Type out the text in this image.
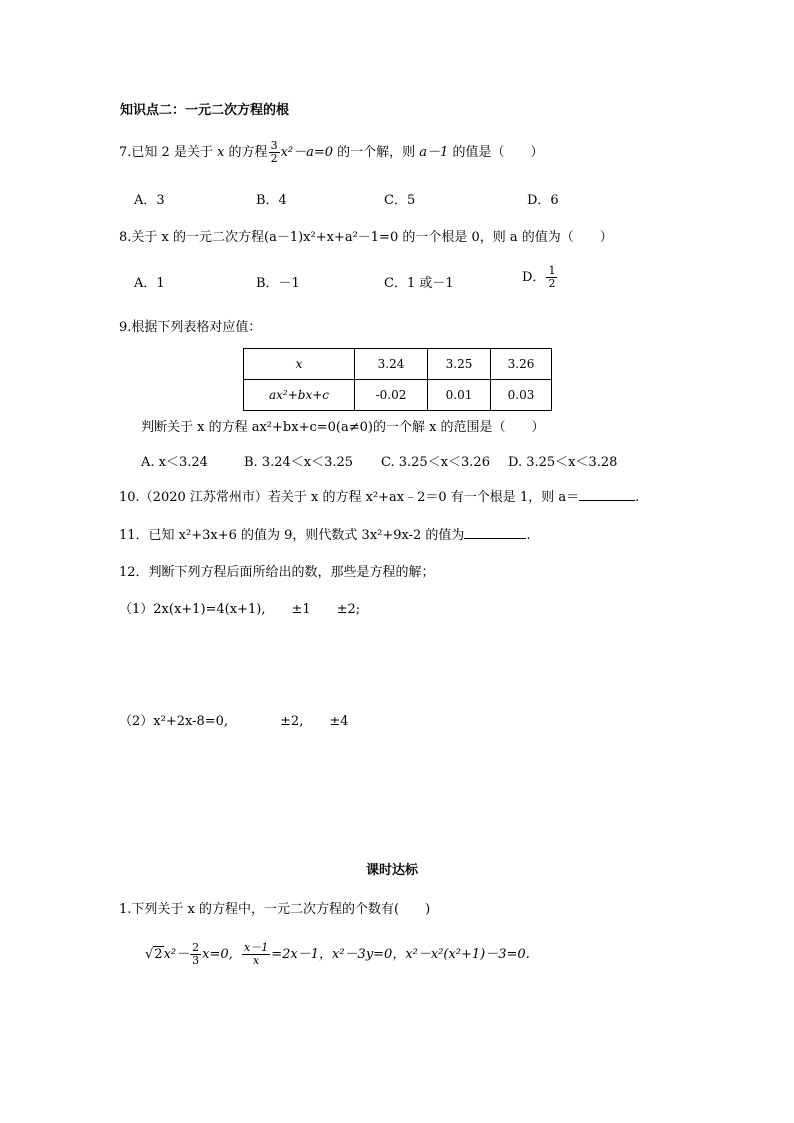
知识点二：一元二次方程的根
7.已知 2 是关于 x 的方程 $\frac{3}{2} x^2-a=0$ 的一个解，则 a－1 的值是（　　）
A．3	B．4	C．5	D．6
8.关于 x 的一元二次方程(a－1)x²+x+a²－1=0 的一个根是 0，则 a 的值为（　　）
A．1	B．－1	C．1 或－1	D． $\frac{1}{2}$
9.根据下列表格对应值：
x	3.24	3.25	3.26
ax²+bx+c	-0.02	0.01	0.03
判断关于 x 的方程 ax²+bx+c=0(a≠0)的一个解 x 的范围是（　　）
A. x＜3.24	B. 3.24＜x＜3.25 C. 3.25＜x＜3.26 D. 3.25＜x＜3.28
10.（2020 江苏常州市）若关于 x 的方程 x²+ax﹣2＝0 有一个根是 1，则 a＝	.
11．已知 x²+3x+6 的值为 9，则代数式 3x²+9x-2 的值为	.
12．判断下列方程后面所给出的数，那些是方程的解；
（1）2x(x+1)=4(x+1),　　±1　　±2;
（2）x²+2x-8=0,　　　　±2,　　±4
课时达标
1.下列关于 x 的方程中，一元二次方程的个数有(　　)
$√2x^2- \frac{2}{3} x=0$, $\frac{x-1}{x} =2x-1$，x²－3y=0，x²－x²(x²+1)－3=0.
